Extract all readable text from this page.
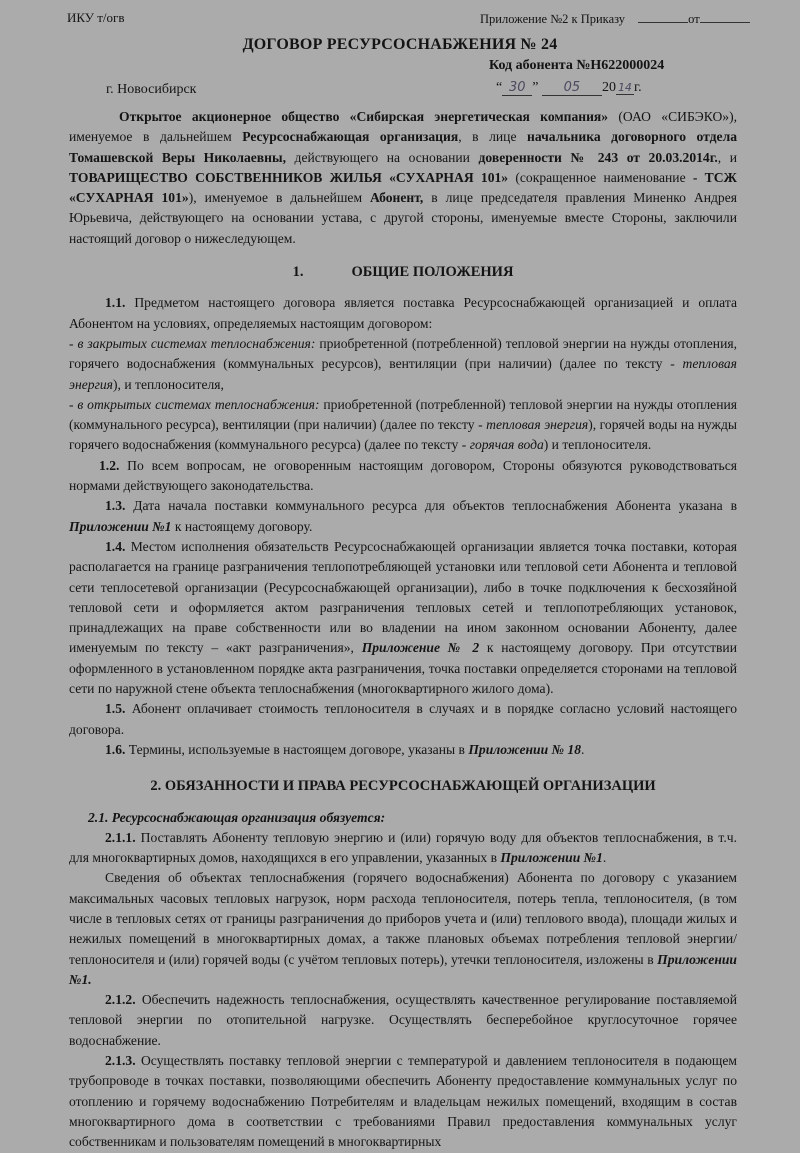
ИКУ т/огв	Приложение №2 к Приказу	от
ДОГОВОР РЕСУРСОСНАБЖЕНИЯ № 24
Код абонента №Н622000024
г. Новосибирск	“ 30 ” 05 20 14 г.

Открытое акционерное общество «Сибирская энергетическая компания» (ОАО «СИБЭКО»), именуемое в дальнейшем Ресурсоснабжающая организация, в лице начальника договорного отдела Томашевской Веры Николаевны, действующего на основании доверенности № 243 от 20.03.2014г., и ТОВАРИЩЕСТВО СОБСТВЕННИКОВ ЖИЛЬЯ «СУХАРНАЯ 101» (сокращенное наименование - ТСЖ «СУХАРНАЯ 101»), именуемое в дальнейшем Абонент, в лице председателя правления Миненко Андрея Юрьевича, действующего на основании устава, с другой стороны, именуемые вместе Стороны, заключили настоящий договор о нижеследующем.

1.	ОБЩИЕ ПОЛОЖЕНИЯ

1.1. Предметом настоящего договора является поставка Ресурсоснабжающей организацией и оплата Абонентом на условиях, определяемых настоящим договором:

- в закрытых системах теплоснабжения: приобретенной (потребленной) тепловой энергии на нужды отопления, горячего водоснабжения (коммунальных ресурсов), вентиляции (при наличии) (далее по тексту - тепловая энергия), и теплоносителя,

- в открытых системах теплоснабжения: приобретенной (потребленной) тепловой энергии на нужды отопления (коммунального ресурса), вентиляции (при наличии) (далее по тексту - тепловая энергия), горячей воды на нужды горячего водоснабжения (коммунального ресурса) (далее по тексту - горячая вода) и теплоносителя.

1.2. По всем вопросам, не оговоренным настоящим договором, Стороны обязуются руководствоваться нормами действующего законодательства.

1.3. Дата начала поставки коммунального ресурса для объектов теплоснабжения Абонента указана в Приложении №1 к настоящему договору.

1.4. Местом исполнения обязательств Ресурсоснабжающей организации является точка поставки, которая располагается на границе разграничения теплопотребляющей установки или тепловой сети Абонента и тепловой сети теплосетевой организации (Ресурсоснабжающей организации), либо в точке подключения к бесхозяйной тепловой сети и оформляется актом разграничения тепловых сетей и теплопотребляющих установок, принадлежащих на праве собственности или во владении на ином законном основании Абоненту, далее именуемым по тексту – «акт разграничения», Приложение № 2 к настоящему договору. При отсутствии оформленного в установленном порядке акта разграничения, точка поставки определяется сторонами на тепловой сети по наружной стене объекта теплоснабжения (многоквартирного жилого дома).

1.5. Абонент оплачивает стоимость теплоносителя в случаях и в порядке согласно условий настоящего договора.

1.6. Термины, используемые в настоящем договоре, указаны в Приложении № 18.

2. ОБЯЗАННОСТИ И ПРАВА РЕСУРСОСНАБЖАЮЩЕЙ ОРГАНИЗАЦИИ

2.1. Ресурсоснабжающая организация обязуется:

2.1.1. Поставлять Абоненту тепловую энергию и (или) горячую воду для объектов теплоснабжения, в т.ч. для многоквартирных домов, находящихся в его управлении, указанных в Приложении №1.

Сведения об объектах теплоснабжения (горячего водоснабжения) Абонента по договору с указанием максимальных часовых тепловых нагрузок, норм расхода теплоносителя, потерь тепла, теплоносителя, (в том числе в тепловых сетях от границы разграничения до приборов учета и (или) теплового ввода), площади жилых и нежилых помещений в многоквартирных домах, а также плановых объемах потребления тепловой энергии/теплоносителя и (или) горячей воды (с учётом тепловых потерь), утечки теплоносителя, изложены в Приложении №1.

2.1.2. Обеспечить надежность теплоснабжения, осуществлять качественное регулирование поставляемой тепловой энергии по отопительной нагрузке. Осуществлять бесперебойное круглосуточное горячее водоснабжение.

2.1.3. Осуществлять поставку тепловой энергии с температурой и давлением теплоносителя в подающем трубопроводе в точках поставки, позволяющими обеспечить Абоненту предоставление коммунальных услуг по отоплению и горячему водоснабжению Потребителям и владельцам нежилых помещений, входящим в состав многоквартирного дома в соответствии с требованиями Правил предоставления коммунальных услуг собственникам и пользователям помещений в многоквартирных
